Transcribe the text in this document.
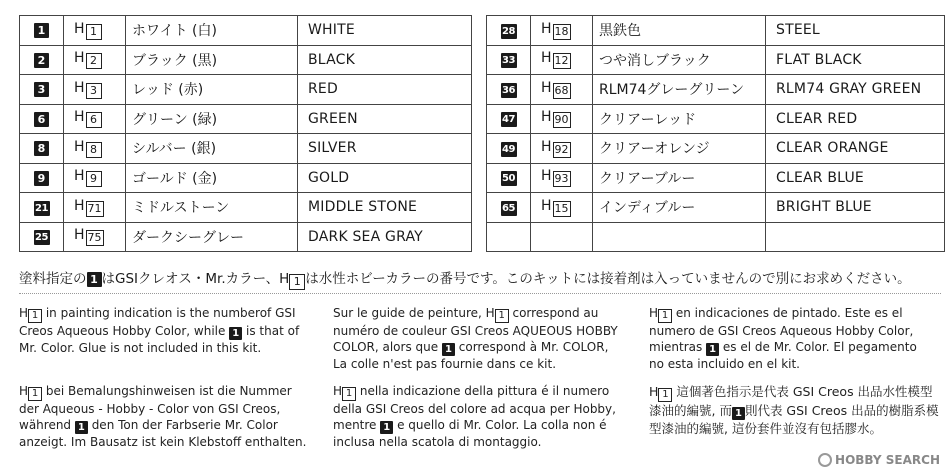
1	H 1	ホワイト (白)	WHITE
2	H 2	ブラック (黒)	BLACK
3	H 3	レッド (赤)	RED
6	H 6	グリーン (緑)	GREEN
8	H 8	シルバー (銀)	SILVER
9	H 9	ゴールド (金)	GOLD
21	H 71	ミドルストーン	MIDDLE STONE
25	H 75	ダークシーグレー	DARK SEA GRAY
28	H 18	黒鉄色	STEEL
33	H 12	つや消しブラック	FLAT BLACK
36	H 68	RLM74グレーグリーン	RLM74 GRAY GREEN
47	H 90	クリアーレッド	CLEAR RED
49	H 92	クリアーオレンジ	CLEAR ORANGE
50	H 93	クリアーブルー	CLEAR BLUE
65	H 15	インディブルー	BRIGHT BLUE

塗料指定の 1 はGSIクレオス・Mr.カラー、H 1 は水性ホビーカラーの番号です。このキットには接着剤は入っていませんので別にお求めください。
H 1 in painting indication is the numberof GSI Creos Aqueous Hobby Color, while 1 is that of Mr. Color. Glue is not included in this kit.
Sur le guide de peinture, H 1 correspond au numéro de couleur GSI Creos AQUEOUS HOBBY COLOR, alors que 1 correspond à Mr. COLOR, La colle n'est pas fournie dans ce kit.
H 1 en indicaciones de pintado. Este es el numero de GSI Creos Aqueous Hobby Color, mientras 1 es el de Mr. Color. El pegamento no esta incluido en el kit.
H 1 bei Bemalungshinweisen ist die Nummer der Aqueous - Hobby - Color von GSI Creos, während 1 den Ton der Farbserie Mr. Color anzeigt. Im Bausatz ist kein Klebstoff enthalten.
H 1 nella indicazione della pittura é il numero della GSI Creos del colore ad acqua per Hobby, mentre 1 e quello di Mr. Color. La colla non é inclusa nella scatola di montaggio.
H 1 這個著色指示是代表 GSI Creos 出品水性模型漆油的編號, 而 1 則代表 GSI Creos 出品的樹脂系模型漆油的編號, 這份套件並沒有包括膠水。
HOBBY SEARCH
